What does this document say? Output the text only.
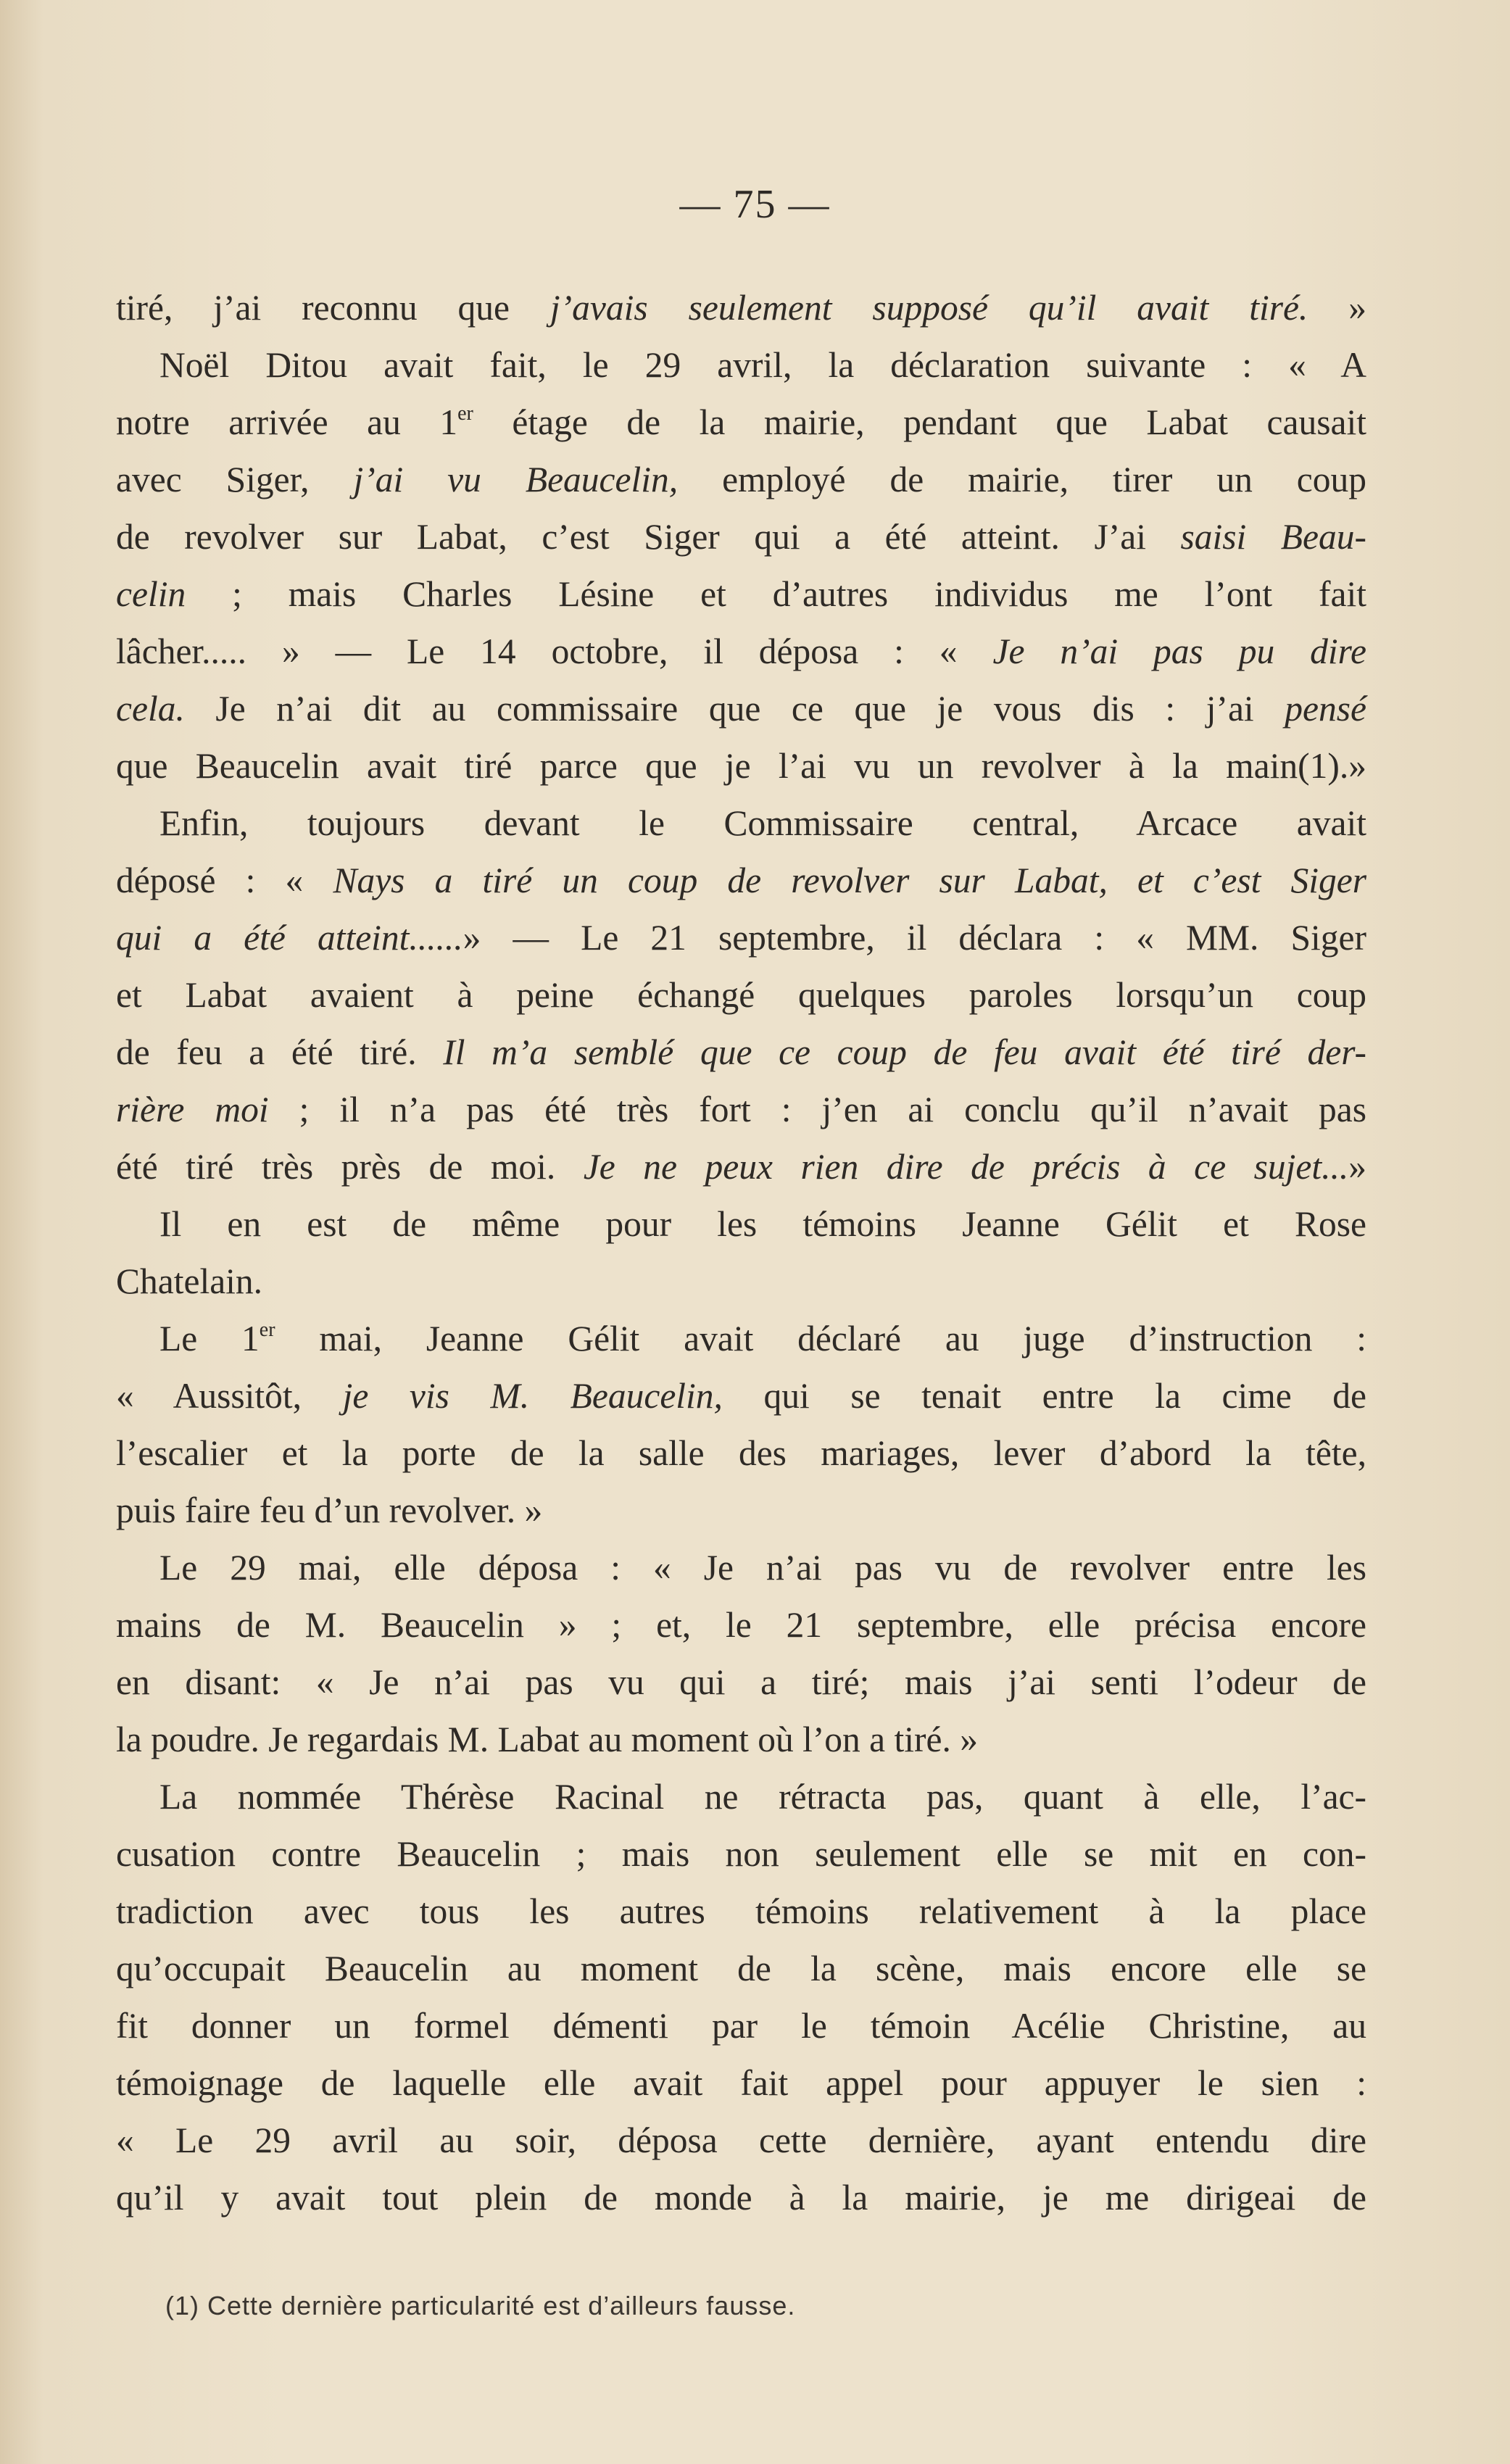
— 75 —
tiré, j’ai reconnu que j’avais seulement supposé qu’il avait tiré. »
Noël Ditou avait fait, le 29 avril, la déclaration suivante : « A
notre arrivée au 1er étage de la mairie, pendant que Labat causait
avec Siger, j’ai vu Beaucelin, employé de mairie, tirer un coup
de revolver sur Labat, c’est Siger qui a été atteint. J’ai saisi Beau-
celin ; mais Charles Lésine et d’autres individus me l’ont fait
lâcher..... » — Le 14 octobre, il déposa : « Je n’ai pas pu dire
cela. Je n’ai dit au commissaire que ce que je vous dis : j’ai pensé
que Beaucelin avait tiré parce que je l’ai vu un revolver à la main(1).»
Enfin, toujours devant le Commissaire central, Arcace avait
déposé : « Nays a tiré un coup de revolver sur Labat, et c’est Siger
qui a été atteint......» — Le 21 septembre, il déclara : « MM. Siger
et Labat avaient à peine échangé quelques paroles lorsqu’un coup
de feu a été tiré. Il m’a semblé que ce coup de feu avait été tiré der-
rière moi ; il n’a pas été très fort : j’en ai conclu qu’il n’avait pas
été tiré très près de moi. Je ne peux rien dire de précis à ce sujet...»
Il en est de même pour les témoins Jeanne Gélit et Rose
Chatelain.
Le 1er mai, Jeanne Gélit avait déclaré au juge d’instruction :
« Aussitôt, je vis M. Beaucelin, qui se tenait entre la cime de
l’escalier et la porte de la salle des mariages, lever d’abord la tête,
puis faire feu d’un revolver. »
Le 29 mai, elle déposa : « Je n’ai pas vu de revolver entre les
mains de M. Beaucelin » ; et, le 21 septembre, elle précisa encore
en disant: « Je n’ai pas vu qui a tiré; mais j’ai senti l’odeur de
la poudre. Je regardais M. Labat au moment où l’on a tiré. »
La nommée Thérèse Racinal ne rétracta pas, quant à elle, l’ac-
cusation contre Beaucelin ; mais non seulement elle se mit en con-
tradiction avec tous les autres témoins relativement à la place
qu’occupait Beaucelin au moment de la scène, mais encore elle se
fit donner un formel démenti par le témoin Acélie Christine, au
témoignage de laquelle elle avait fait appel pour appuyer le sien :
« Le 29 avril au soir, déposa cette dernière, ayant entendu dire
qu’il y avait tout plein de monde à la mairie, je me dirigeai de
(1) Cette dernière particularité est d’ailleurs fausse.
